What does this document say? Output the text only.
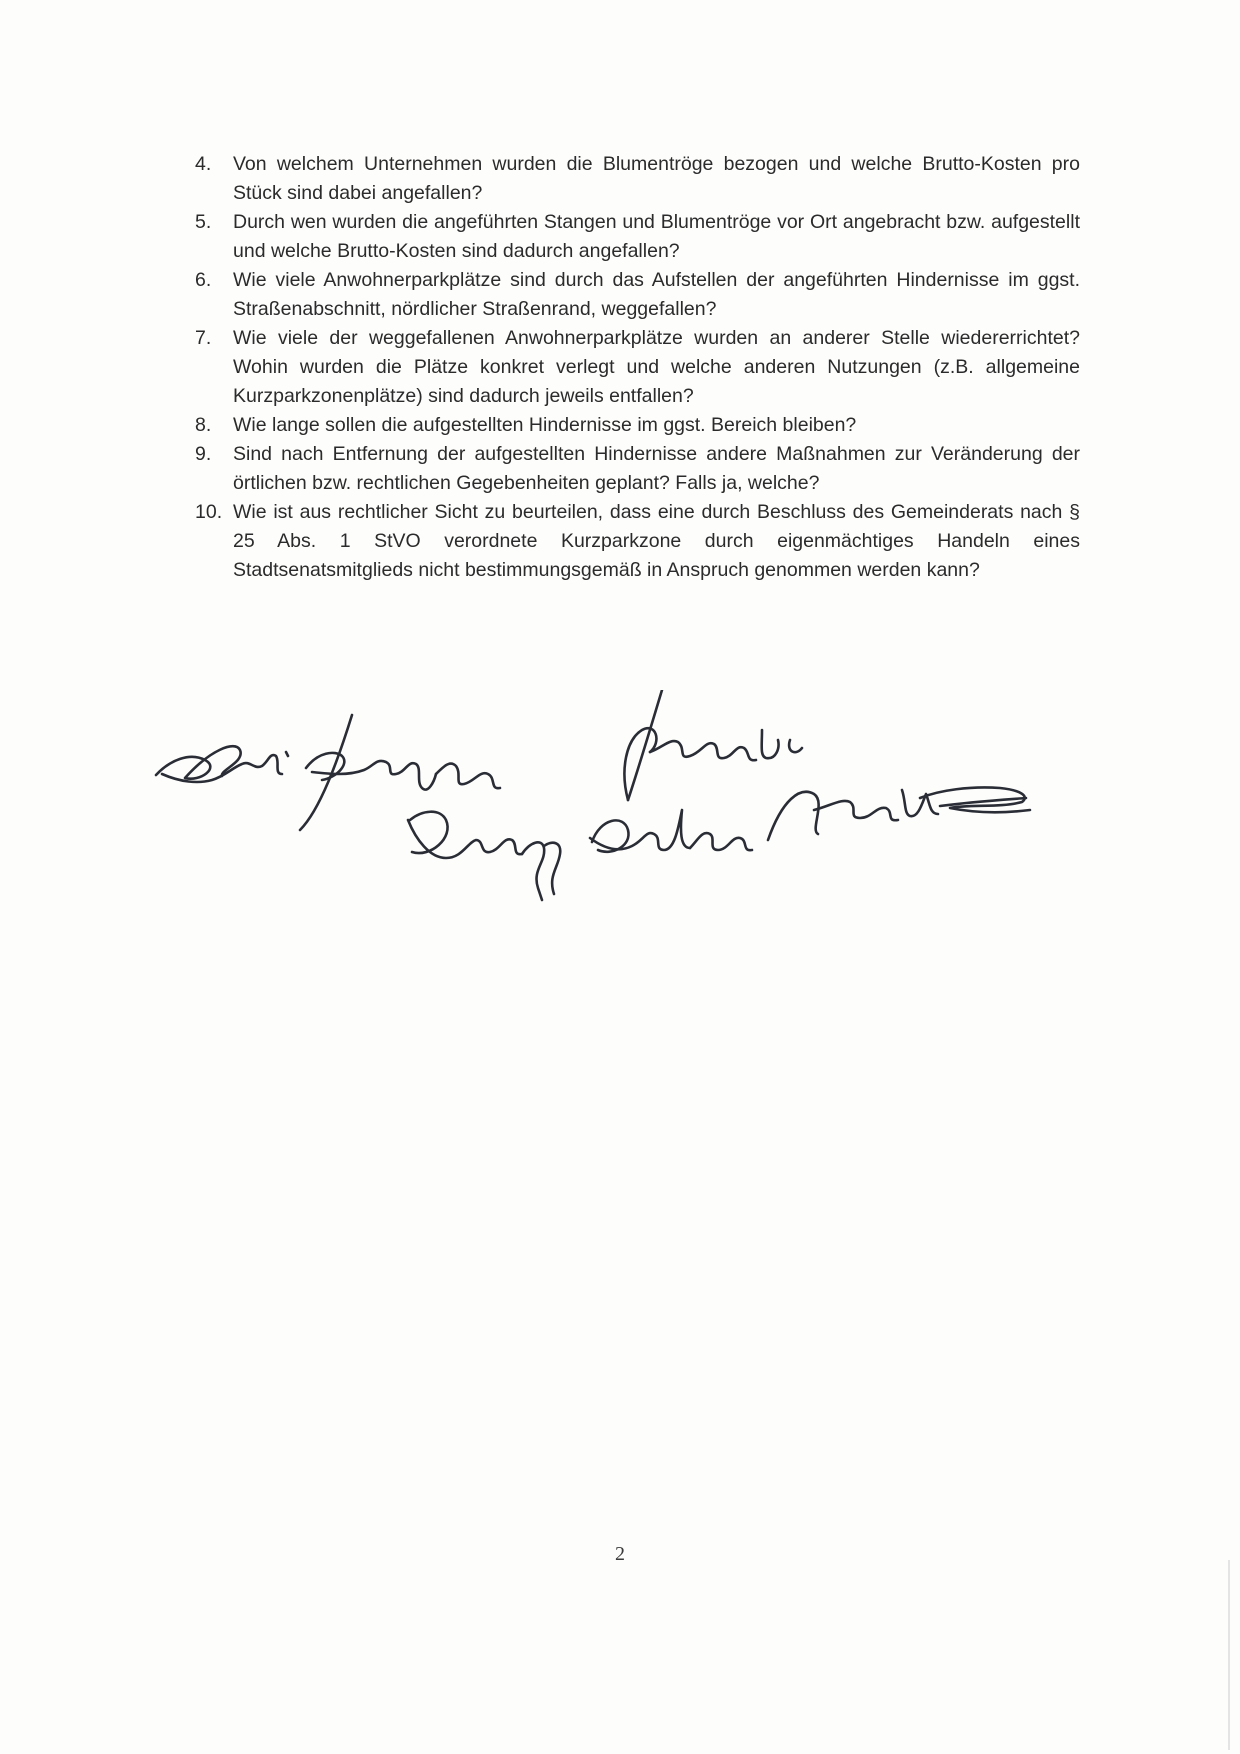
4.	Von welchem Unternehmen wurden die Blumentröge bezogen und welche Brutto-Kosten pro Stück sind dabei angefallen?
5.	Durch wen wurden die angeführten Stangen und Blumentröge vor Ort angebracht bzw. aufgestellt und welche Brutto-Kosten sind dadurch angefallen?
6.	Wie viele Anwohnerparkplätze sind durch das Aufstellen der angeführten Hindernisse im ggst. Straßenabschnitt, nördlicher Straßenrand, weggefallen?
7.	Wie viele der weggefallenen Anwohnerparkplätze wurden an anderer Stelle wiedererrichtet? Wohin wurden die Plätze konkret verlegt und welche anderen Nutzungen (z.B. allgemeine Kurzparkzonenplätze) sind dadurch jeweils entfallen?
8.	Wie lange sollen die aufgestellten Hindernisse im ggst. Bereich bleiben?
9.	Sind nach Entfernung der aufgestellten Hindernisse andere Maßnahmen zur Veränderung der örtlichen bzw. rechtlichen Gegebenheiten geplant? Falls ja, welche?
10. Wie ist aus rechtlicher Sicht zu beurteilen, dass eine durch Beschluss des Gemeinderats nach § 25 Abs. 1 StVO verordnete Kurzparkzone durch eigenmächtiges Handeln eines Stadtsenatsmitglieds nicht bestimmungsgemäß in Anspruch genommen werden kann?
2
